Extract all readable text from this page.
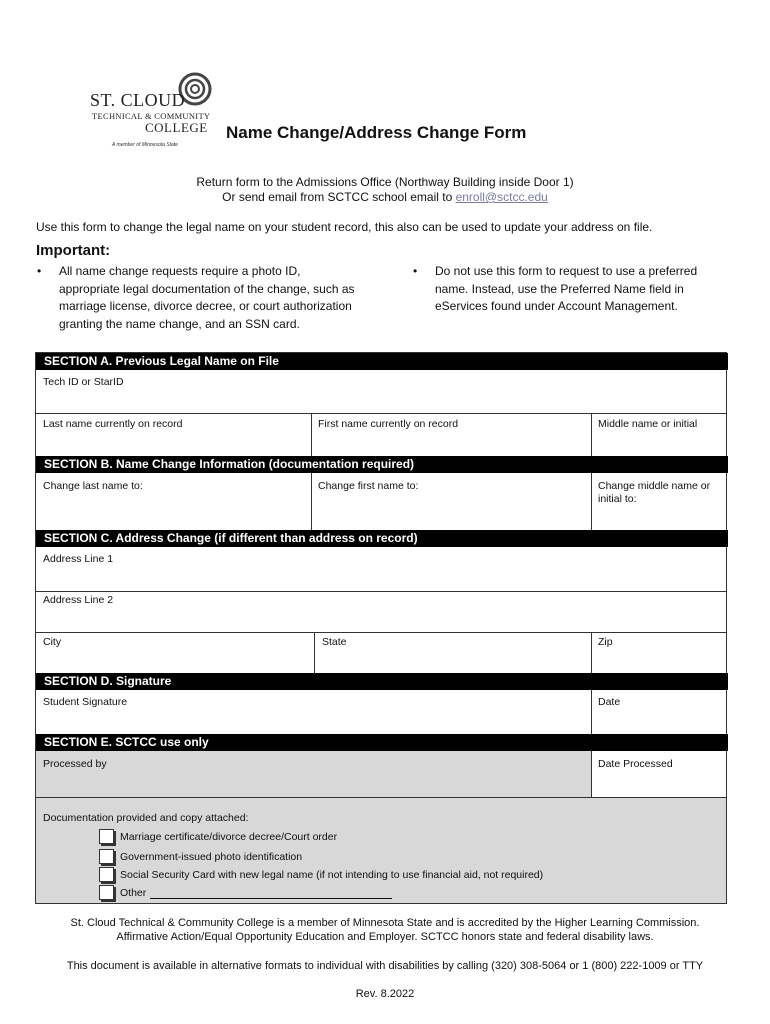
ST. CLOUD
TECHNICAL & COMMUNITY
COLLEGE
A member of Minnesota State
Name Change/Address Change Form
Return form to the Admissions Office (Northway Building inside Door 1)
Or send email from SCTCC school email to enroll@sctcc.edu
Use this form to change the legal name on your student record, this also can be used to update your address on file.
Important:
• All name change requests require a photo ID, appropriate legal documentation of the change, such as marriage license, divorce decree, or court authorization granting the name change, and an SSN card.
• Do not use this form to request to use a preferred name. Instead, use the Preferred Name field in eServices found under Account Management.
SECTION A. Previous Legal Name on File
Tech ID or StarID
Last name currently on record	First name currently on record	Middle name or initial
SECTION B. Name Change Information (documentation required)
Change last name to:	Change first name to:	Change middle name or initial to:
SECTION C. Address Change (if different than address on record)
Address Line 1
Address Line 2
City	State	Zip
SECTION D. Signature
Student Signature	Date
SECTION E. SCTCC use only
Processed by	Date Processed
Documentation provided and copy attached:
Marriage certificate/divorce decree/Court order
Government-issued photo identification
Social Security Card with new legal name (if not intending to use financial aid, not required)
Other
St. Cloud Technical & Community College is a member of Minnesota State and is accredited by the Higher Learning Commission.
Affirmative Action/Equal Opportunity Education and Employer. SCTCC honors state and federal disability laws.
This document is available in alternative formats to individual with disabilities by calling (320) 308-5064 or 1 (800) 222-1009 or TTY
Rev. 8.2022
